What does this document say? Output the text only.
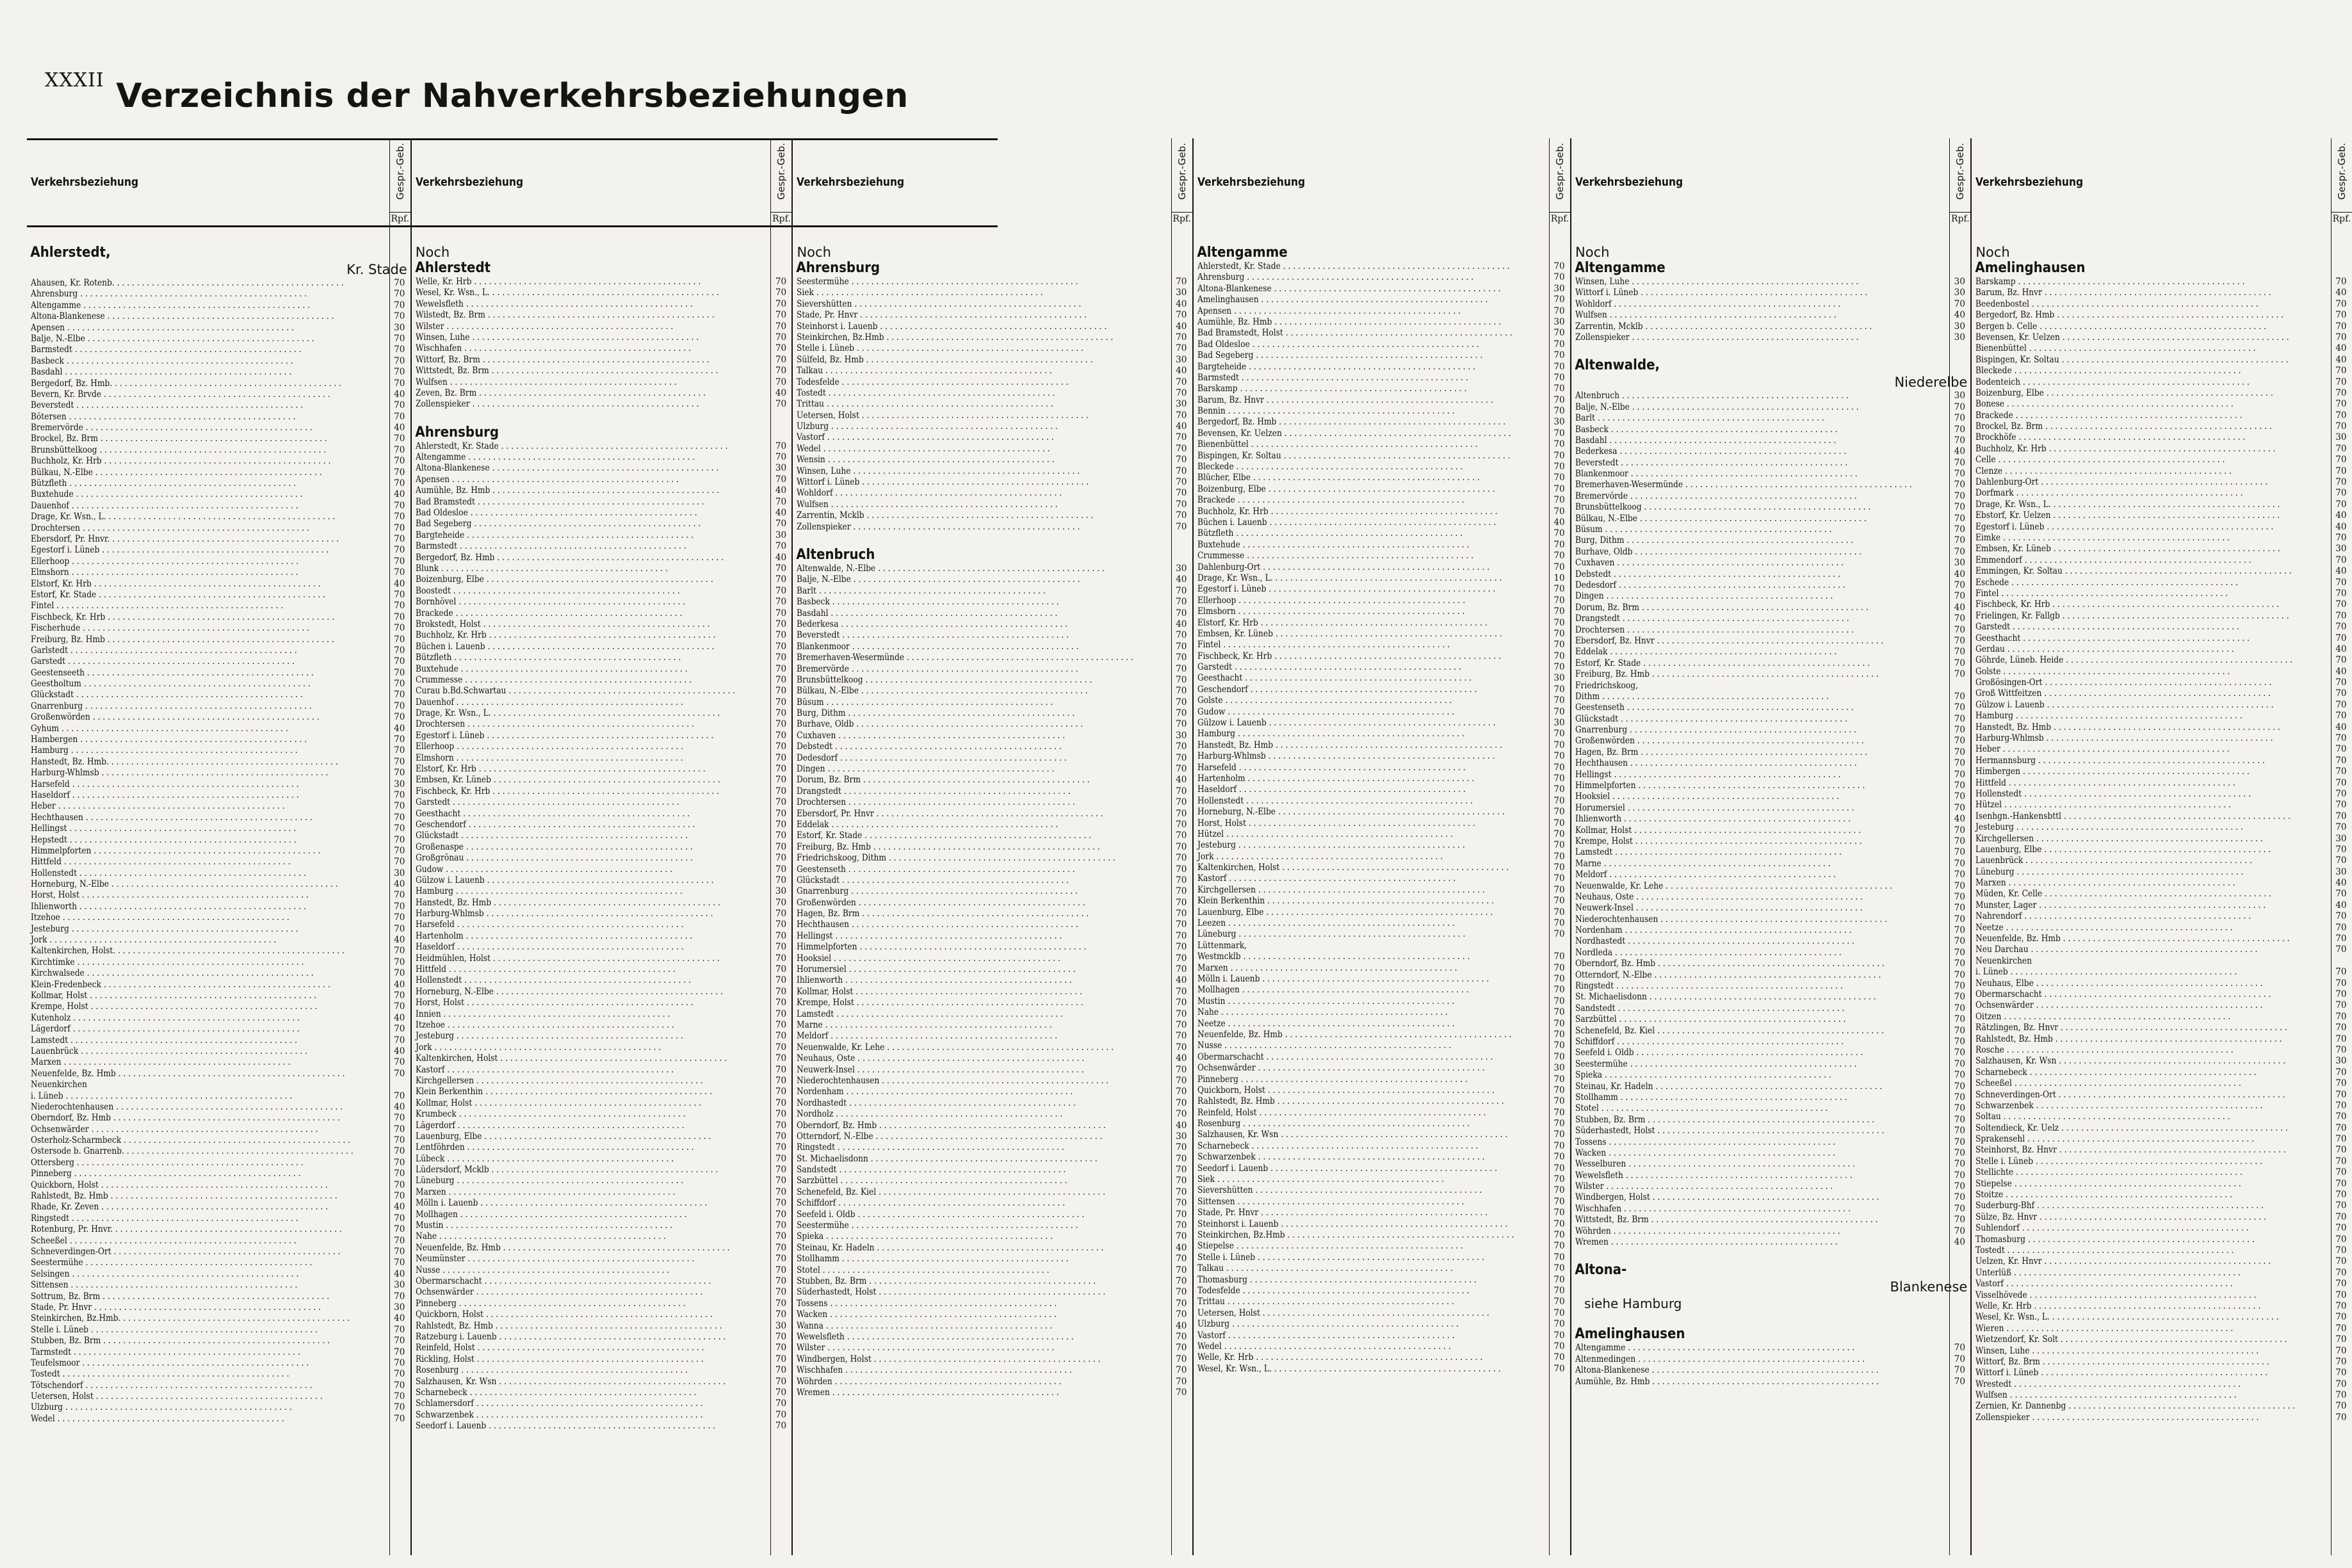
XXXII Verzeichnis der Nahverkehrsbeziehungen
Verkehrsbeziehung
Ahlerstedt,
Kr. Stade
Ahausen, Kr. Rotenb. . . .	70
Ahrensburg . . .	70
Altengamme . . .	70
Altona-Blankenese . . .	70
Apensen . . .	30
Balje, N.-Elbe . . .	70
Barmstedt . . .	70
Basbeck . . .	70
Basdahl . . .	70
Bergedorf, Bz. Hmb. . . .	70
Bevern, Kr. Brvde . . .	40
Beverstedt . . .	70
Bötersen . . .	70
Bremervörde . . .	40
Brockel, Bz. Brm . . .	70
Brunsbüttelkoog . . .	70
Buchholz, Kr. Hrb . . .	70
Bülkau, N.-Elbe . . .	70
Bützfleth . . .	70
Buxtehude . . .	40
Dauenhof . . .	70
Drage, Kr. Wsn., L. . . .	70
Drochtersen . . .	70
Ebersdorf, Pr. Hnvr. . . .	70
Egestorf i. Lüneb . . .	70
Ellerhoop . . .	70
Elmshorn . . .	70
Elstorf, Kr. Hrb . . .	40
Estorf, Kr. Stade . . .	70
Fintel . . .	70
Fischbeck, Kr. Hrb . . .	70
Fischerhude . . .	70
Freiburg, Bz. Hmb . . .	70
Garlstedt . . .	70
Garstedt . . .	70
Geestenseeth . . .	70
Geestholtum . . .	70
Glückstadt . . .	70
Gnarrenburg . . .	70
Großenwörden . . .	70
Gyhum . . .	40
Hambergen . . .	70
Hamburg . . .	70
Hanstedt, Bz. Hmb. . . .	70
Harburg-Whlmsb . . .	70
Harsefeld . . .	30
Haseldorf . . .	70
Heber . . .	70
Hechthausen . . .	70
Hellingst . . .	70
Hepstedt . . .	70
Himmelpforten . . .	70
Hittfeld . . .	70
Hollenstedt . . .	30
Horneburg, N.-Elbe . . .	40
Horst, Holst . . .	70
Ihlienworth . . .	70
Itzehoe . . .	70
Jesteburg . . .	70
Jork . . .	40
Kaltenkirchen, Holst. . . .	70
Kirchtimke . . .	70
Kirchwalsede . . .	70
Klein-Fredenbeck . . .	40
Kollmar, Holst . . .	70
Krempe, Holst . . .	70
Kutenholz . . .	40
Lägerdorf . . .	70
Lamstedt . . .	70
Lauenbrück . . .	40
Marxen . . .	70
Neuenfelde, Bz. Hmb . . .	70
Neuenkirchen
i. Lüneb . . .	70
Niederochtenhausen . . .	40
Oberndorf, Bz. Hmb . . .	70
Ochsenwärder . . .	70
Osterholz-Scharmbeck . . .	70
Ostersode b. Gnarrenb. . . .	70
Ottersberg . . .	70
Pinneberg . . .	70
Quickborn, Holst . . .	70
Rahlstedt, Bz. Hmb . . .	70
Rhade, Kr. Zeven . . .	40
Ringstedt . . .	70
Rotenburg, Pr. Hnvr. . . .	70
Scheeßel . . .	70
Schneverdingen-Ort . . .	70
Seestermühe . . .	70
Selsingen . . .	40
Sittensen . . .	30
Sottrum, Bz. Brm . . .	70
Stade, Pr. Hnvr . . .	30
Steinkirchen, Bz.Hmb. . . .	40
Stelle i. Lüneb . . .	70
Stubben, Bz. Brm . . .	70
Tarmstedt . . .	70
Teufelsmoor . . .	70
Tostedt . . .	70
Tötschendorf . . .	70
Uetersen, Holst . . .	70
Ulzburg . . .	70
Wedel . . .	70
Gespr.-Geb.
Rpf.
Verkehrsbeziehung
Noch
Ahlerstedt
Welle, Kr. Hrb . . .	70
Wesel, Kr. Wsn., L. . . .	70
Wewelsfleth . . .	70
Wilstedt, Bz. Brm . . .	70
Wilster . . .	70
Winsen, Luhe . . .	70
Wischhafen . . .	70
Wittorf, Bz. Brm . . .	70
Wittstedt, Bz. Brm . . .	70
Wulfsen . . .	70
Zeven, Bz. Brm . . .	40
Zollenspieker . . .	70
Ahrensburg
Ahlerstedt, Kr. Stade . . .	70
Altengamme . . .	70
Altona-Blankenese . . .	30
Apensen . . .	70
Aumühle, Bz. Hmb . . .	40
Bad Bramstedt . . .	70
Bad Oldesloe . . .	40
Bad Segeberg . . .	70
Bargteheide . . .	30
Barmstedt . . .	70
Bergedorf, Bz. Hmb . . .	40
Blunk . . .	70
Boizenburg, Elbe . . .	70
Boostedt . . .	70
Bornhövel . . .	70
Brackede . . .	70
Brokstedt, Holst . . .	70
Buchholz, Kr. Hrb . . .	70
Büchen i. Lauenb . . .	70
Bützfleth . . .	70
Buxtehude . . .	70
Crummesse . . .	70
Curau b.Bd.Schwartau . . .	70
Dauenhof . . .	70
Drage, Kr. Wsn., L. . . .	70
Drochtersen . . .	70
Egestorf i. Lüneb . . .	70
Ellerhoop . . .	70
Elmshorn . . .	70
Elstorf, Kr. Hrb . . .	70
Embsen, Kr. Lüneb . . .	70
Fischbeck, Kr. Hrb . . .	70
Garstedt . . .	70
Geesthacht . . .	70
Geschendorf . . .	70
Glückstadt . . .	70
Großenaspe . . .	70
Großgrönau . . .	70
Gudow . . .	70
Gülzow i. Lauenb . . .	70
Hamburg . . .	30
Hanstedt, Bz. Hmb . . .	70
Harburg-Whlmsb . . .	70
Harsefeld . . .	70
Hartenholm . . .	70
Haseldorf . . .	70
Heidmühlen, Holst . . .	70
Hittfeld . . .	70
Hollenstedt . . .	70
Horneburg, N.-Elbe . . .	70
Horst, Holst . . .	70
Innien . . .	70
Itzehoe . . .	70
Jesteburg . . .	70
Jork . . .	70
Kaltenkirchen, Holst . . .	70
Kastorf . . .	70
Kirchgellersen . . .	70
Klein Berkenthin . . .	70
Kollmar, Holst . . .	70
Krumbeck . . .	70
Lägerdorf . . .	70
Lauenburg, Elbe . . .	70
Lentföhrden . . .	70
Lübeck . . .	70
Lüdersdorf, Mcklb . . .	70
Lüneburg . . .	70
Marxen . . .	70
Mölln i. Lauenb . . .	70
Mollhagen . . .	70
Mustin . . .	70
Nahe . . .	70
Neuenfelde, Bz. Hmb . . .	70
Neumünster . . .	70
Nusse . . .	70
Obermarschacht . . .	70
Ochsenwärder . . .	70
Pinneberg . . .	70
Quickborn, Holst . . .	70
Rahlstedt, Bz. Hmb . . .	30
Ratzeburg i. Lauenb . . .	70
Reinfeld, Holst . . .	70
Rickling, Holst . . .	70
Rosenburg . . .	70
Salzhausen, Kr. Wsn . . .	70
Scharnebeck . . .	70
Schlamersdorf . . .	70
Schwarzenbek . . .	70
Seedorf i. Lauenb . . .	70
Gespr.-Geb.
Rpf.
Verkehrsbeziehung
Noch
Ahrensburg
Seestermühe . . .	70
Siek . . .	30
Sievershütten . . .	40
Stade, Pr. Hnvr . . .	70
Steinhorst i. Lauenb . . .	40
Steinkirchen, Bz.Hmb . . .	70
Stelle i. Lüneb . . .	70
Sülfeld, Bz. Hmb . . .	30
Talkau . . .	40
Todesfelde . . .	70
Tostedt . . .	70
Trittau . . .	30
Uetersen, Holst . . .	70
Ulzburg . . .	40
Vastorf . . .	70
Wedel . . .	70
Wensin . . .	70
Winsen, Luhe . . .	70
Wittorf i. Lüneb . . .	70
Wohldorf . . .	70
Wulfsen . . .	70
Zarrentin, Mcklb . . .	70
Zollenspieker . . .	70
Altenbruch
Altenwalde, N.-Elbe . . .	30
Balje, N.-Elbe . . .	40
Barlt . . .	70
Basbeck . . .	70
Basdahl . . .	70
Bederkesa . . .	40
Beverstedt . . .	70
Blankenmoor . . .	70
Bremerhaven-Wesermünde . . .	70
Bremervörde . . .	70
Brunsbüttelkoog . . .	70
Bülkau, N.-Elbe . . .	70
Büsum . . .	70
Burg, Dithm . . .	70
Burhave, Oldb . . .	70
Cuxhaven . . .	30
Debstedt . . .	70
Dedesdorf . . .	70
Dingen . . .	70
Dorum, Bz. Brm . . .	40
Drangstedt . . .	70
Drochtersen . . .	70
Ebersdorf, Pr. Hnvr . . .	70
Eddelak . . .	70
Estorf, Kr. Stade . . .	70
Freiburg, Bz. Hmb . . .	70
Friedrichskoog, Dithm . . .	70
Geestenseth . . .	70
Glückstadt . . .	70
Gnarrenburg . . .	70
Großenwörden . . .	70
Hagen, Bz. Brm . . .	70
Hechthausen . . .	70
Hellingst . . .	70
Himmelpforten . . .	70
Hooksiel . . .	70
Horumersiel . . .	70
Ihlienworth . . .	40
Kollmar, Holst . . .	70
Krempe, Holst . . .	70
Lamstedt . . .	70
Marne . . .	70
Meldorf . . .	70
Neuenwalde, Kr. Lehe . . .	70
Neuhaus, Oste . . .	40
Neuwerk-Insel . . .	70
Niederochtenhausen . . .	70
Nordenham . . .	70
Nordhastedt . . .	70
Nordholz . . .	70
Oberndorf, Bz. Hmb . . .	40
Otterndorf, N.-Elbe . . .	30
Ringstedt . . .	70
St. Michaelisdonn . . .	70
Sandstedt . . .	70
Sarzbüttel . . .	70
Schenefeld, Bz. Kiel . . .	70
Schiffdorf . . .	70
Seefeld i. Oldb . . .	70
Seestermühe . . .	70
Spieka . . .	70
Steinau, Kr. Hadeln . . .	40
Stollhamm . . .	70
Stotel . . .	70
Stubben, Bz. Brm . . .	70
Süderhastedt, Holst . . .	70
Tossens . . .	70
Wacken . . .	70
Wanna . . .	40
Wewelsfleth . . .	70
Wilster . . .	70
Windbergen, Holst . . .	70
Wischhafen . . .	70
Wöhrden . . .	70
Wremen . . .	70
Gespr.-Geb.
Rpf.
Verkehrsbeziehung
Altengamme
Ahlerstedt, Kr. Stade . . .	70
Ahrensburg . . .	70
Altona-Blankenese . . .	30
Amelinghausen . . .	70
Apensen . . .	70
Aumühle, Bz. Hmb . . .	30
Bad Bramstedt, Holst . . .	70
Bad Oldesloe . . .	70
Bad Segeberg . . .	70
Bargteheide . . .	70
Barmstedt . . .	70
Barskamp . . .	70
Barum, Bz. Hnvr . . .	70
Bennin . . .	70
Bergedorf, Bz. Hmb . . .	30
Bevensen, Kr. Uelzen . . .	70
Bienenbüttel . . .	70
Bispingen, Kr. Soltau . . .	70
Bleckede . . .	70
Blücher, Elbe . . .	70
Boizenburg, Elbe . . .	70
Brackede . . .	70
Buchholz, Kr. Hrb . . .	70
Büchen i. Lauenb . . .	40
Bützfleth . . .	70
Buxtehude . . .	70
Crummesse . . .	70
Dahlenburg-Ort . . .	70
Drage, Kr. Wsn., L. . . .	10
Egestorf i. Lüneb . . .	70
Ellerhoop . . .	70
Elmsborn . . .	70
Elstorf, Kr. Hrb . . .	70
Embsen, Kr. Lüneb . . .	70
Fintel . . .	70
Fischbeck, Kr. Hrb . . .	70
Garstedt . . .	70
Geesthacht . . .	30
Geschendorf . . .	70
Golste . . .	70
Gudow . . .	70
Gülzow i. Lauenb . . .	30
Hamburg . . .	70
Hanstedt, Bz. Hmb . . .	70
Harburg-Whlmsb . . .	70
Harsefeld . . .	70
Hartenholm . . .	70
Haseldorf . . .	70
Hollenstedt . . .	70
Horneburg, N.-Elbe . . .	70
Horst, Holst . . .	70
Hützel . . .	70
Jesteburg . . .	70
Jork . . .	70
Kaltenkirchen, Holst . . .	70
Kastorf . . .	70
Kirchgellersen . . .	70
Klein Berkenthin . . .	70
Lauenburg, Elbe . . .	70
Leezen . . .	70
Lüneburg . . .	70
Lüttenmark,
Westmcklb . . .	70
Marxen . . .	70
Mölln i. Lauenb . . .	70
Mollhagen . . .	70
Mustin . . .	70
Nahe . . .	70
Neetze . . .	70
Neuenfelde, Bz. Hmb . . .	70
Nusse . . .	70
Obermarschacht . . .	70
Ochsenwärder . . .	30
Pinneberg . . .	70
Quickborn, Holst . . .	70
Rahlstedt, Bz. Hmb . . .	70
Reinfeld, Holst . . .	70
Rosenburg . . .	70
Salzhausen, Kr. Wsn . . .	70
Scharnebeck . . .	70
Schwarzenbek . . .	70
Seedorf i. Lauenb . . .	70
Siek . . .	70
Sievershütten . . .	70
Sittensen . . .	70
Stade, Pr. Hnvr . . .	70
Steinhorst i. Lauenb . . .	70
Steinkirchen, Bz.Hmb . . .	70
Stiepelse . . .	70
Stelle i. Lüneb . . .	70
Talkau . . .	70
Thomasburg . . .	70
Todesfelde . . .	70
Trittau . . .	70
Uetersen, Holst . . .	70
Ulzburg . . .	70
Vastorf . . .	70
Wedel . . .	70
Welle, Kr. Hrb . . .	70
Wesel, Kr. Wsn., L. . . .	70
Gespr.-Geb.
Rpf.
Verkehrsbeziehung
Noch
Altengamme
Winsen, Luhe . . .	30
Wittorf i. Lüneb . . .	30
Wohldorf . . .	70
Wulfsen . . .	40
Zarrentin, Mcklb . . .	30
Zollenspieker . . .	30
Altenwalde,
Niederelbe
Altenbruch . . .	30
Balje, N.-Elbe . . .	70
Barlt . . .	70
Basbeck . . .	70
Basdahl . . .	70
Bederkesa . . .	40
Beverstedt . . .	70
Blankenmoor . . .	70
Bremerhaven-Wesermünde . . .	70
Bremervörde . . .	70
Brunsbüttelkoog . . .	70
Bülkau, N.-Elbe . . .	70
Büsum . . .	70
Burg, Dithm . . .	70
Burhave, Oldb . . .	70
Cuxhaven . . .	30
Debstedt . . .	40
Dedesdorf . . .	70
Dingen . . .	70
Dorum, Bz. Brm . . .	40
Drangstedt . . .	70
Drochtersen . . .	70
Ebersdorf, Bz. Hnvr . . .	70
Eddelak . . .	70
Estorf, Kr. Stade . . .	70
Freiburg, Bz. Hmb . . .	70
Friedrichskoog,
Dithm . . .	70
Geestenseth . . .	70
Glückstadt . . .	70
Gnarrenburg . . .	70
Großenwörden . . .	70
Hagen, Bz. Brm . . .	70
Hechthausen . . .	70
Hellingst . . .	70
Himmelpforten . . .	70
Hooksiel . . .	70
Horumersiel . . .	70
Ihlienworth . . .	40
Kollmar, Holst . . .	70
Krempe, Holst . . .	70
Lamstedt . . .	70
Marne . . .	70
Meldorf . . .	70
Neuenwalde, Kr. Lehe . . .	70
Neuhaus, Oste . . .	70
Neuwerk-Insel . . .	70
Niederochtenhausen . . .	70
Nordenham . . .	70
Nordhastedt . . .	70
Nordleda . . .	70
Oberndorf, Bz. Hmb . . .	70
Otterndorf, N.-Elbe . . .	70
Ringstedt . . .	70
St. Michaelisdonn . . .	70
Sandstedt . . .	70
Sarzbüttel . . .	70
Schenefeld, Bz. Kiel . . .	70
Schiffdorf . . .	70
Seefeld i. Oldb . . .	70
Seestermühe . . .	70
Spieka . . .	70
Steinau, Kr. Hadeln . . .	70
Stollhamm . . .	70
Stotel . . .	70
Stubben, Bz. Brm . . .	70
Süderhastedt, Holst . . .	70
Tossens . . .	70
Wacken . . .	70
Wesselburen . . .	70
Wewelsfleth . . .	70
Wilster . . .	70
Windbergen, Holst . . .	70
Wischhafen . . .	70
Wittstedt, Bz. Brm . . .	70
Wöhrden . . .	70
Wremen . . .	40
Altona-
Blankenese
siehe Hamburg
Amelinghausen
Altengamme . . .	70
Altenmedingen . . .	70
Altona-Blankenese . . .	70
Aumühle, Bz. Hmb . . .	70
Gespr.-Geb.
Rpf.
Verkehrsbeziehung
Noch
Amelinghausen
Barskamp . . .	70
Barum, Bz. Hnvr . . .	40
Beedenbostel . . .	70
Bergedorf, Bz. Hmb . . .	70
Bergen b. Celle . . .	70
Bevensen, Kr. Uelzen . . .	70
Bienenbüttel . . .	40
Bispingen, Kr. Soltau . . .	40
Bleckede . . .	70
Bodenteich . . .	70
Boizenburg, Elbe . . .	70
Bonese . . .	70
Brackede . . .	70
Brockel, Bz. Brm . . .	70
Brockhöfe . . .	30
Buchholz, Kr. Hrb . . .	70
Celle . . .	70
Clenze . . .	70
Dahlenburg-Ort . . .	70
Dorfmark . . .	70
Drage, Kr. Wsn., L. . . .	70
Ebstorf, Kr. Uelzen . . .	40
Egestorf i. Lüneb . . .	40
Eimke . . .	70
Embsen, Kr. Lüneb . . .	30
Emmendorf . . .	70
Emmingen, Kr. Soltau . . .	40
Eschede . . .	70
Fintel . . .	70
Fischbeck, Kr. Hrb . . .	70
Frielingen, Kr. Fallgb . . .	70
Garstedt . . .	70
Geesthacht . . .	70
Gerdau . . .	40
Göhrde, Lüneb. Heide . . .	70
Golste . . .	40
Großösingen-Ort . . .	70
Groß Wittfeitzen . . .	70
Gülzow i. Lauenb . . .	70
Hamburg . . .	70
Hanstedt, Bz. Hmb . . .	40
Harburg-Whlmsb . . .	70
Heber . . .	70
Hermannsburg . . .	70
Himbergen . . .	70
Hittfeld . . .	70
Hollenstedt . . .	70
Hützel . . .	70
Isenhgn.-Hankensbttl . . .	70
Jesteburg . . .	70
Kirchgellersen . . .	30
Lauenburg, Elbe . . .	70
Lauenbrück . . .	70
Lüneburg . . .	30
Marxen . . .	40
Müden, Kr. Celle . . .	70
Munster, Lager . . .	40
Nahrendorf . . .	70
Neetze . . .	70
Neuenfelde, Bz. Hmb . . .	70
Neu Darchau . . .	70
Neuenkirchen
i. Lüneb . . .	70
Neuhaus, Elbe . . .	70
Obermarschacht . . .	70
Ochsenwärder . . .	70
Oitzen . . .	70
Rätzlingen, Bz. Hnvr . . .	70
Rahlstedt, Bz. Hmb . . .	70
Rosche . . .	70
Salzhausen, Kr. Wsn . . .	30
Scharnebeck . . .	70
Scheeßel . . .	70
Schneverdingen-Ort . . .	70
Schwarzenbek . . .	70
Soltau . . .	70
Soltendieck, Kr. Uelz . . .	70
Sprakensehl . . .	70
Steinhorst, Bz. Hnvr . . .	70
Stelle i. Lüneb . . .	70
Stellichte . . .	70
Stiepelse . . .	70
Stoitze . . .	70
Suderburg-Bhf . . .	70
Sülze, Bz. Hnvr . . .	70
Suhlendorf . . .	70
Thomasburg . . .	70
Tostedt . . .	70
Uelzen, Kr. Hnvr . . .	70
Unterlüß . . .	70
Vastorf . . .	70
Visselhövede . . .	70
Welle, Kr. Hrb . . .	70
Wesel, Kr. Wsn., L. . . .	70
Wieren . . .	70
Wietzendorf, Kr. Solt . . .	70
Winsen, Luhe . . .	70
Wittorf, Bz. Brm . . .	70
Wittorf i. Lüneb . . .	70
Wrestedt . . .	70
Wulfsen . . .	70
Zernien, Kr. Dannenbg . . .	70
Zollenspieker . . .	70
Gespr.-Geb.
Rpf.
